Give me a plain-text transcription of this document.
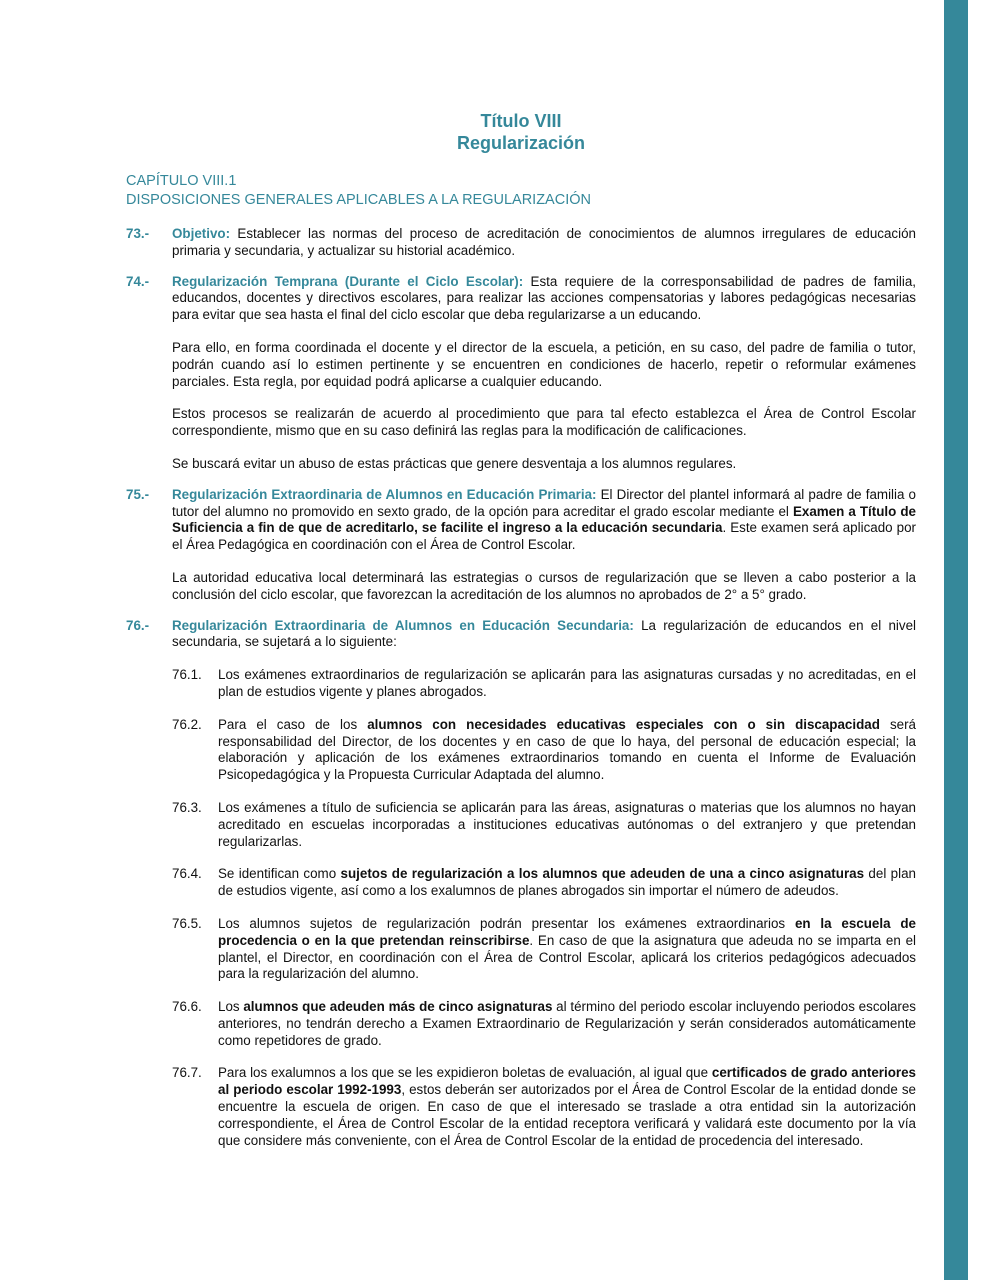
Título VIII
Regularización
CAPÍTULO VIII.1
DISPOSICIONES GENERALES APLICABLES A LA REGULARIZACIÓN
73.-	Objetivo: Establecer las normas del proceso de acreditación de conocimientos de alumnos irregulares de educación primaria y secundaria, y actualizar su historial académico.

74.-	Regularización Temprana (Durante el Ciclo Escolar): Esta requiere de la corresponsabilidad de padres de familia, educandos, docentes y directivos escolares, para realizar las acciones compensatorias y labores pedagógicas necesarias para evitar que sea hasta el final del ciclo escolar que deba regularizarse a un educando.

Para ello, en forma coordinada el docente y el director de la escuela, a petición, en su caso, del padre de familia o tutor, podrán cuando así lo estimen pertinente y se encuentren en condiciones de hacerlo, repetir o reformular exámenes parciales. Esta regla, por equidad podrá aplicarse a cualquier educando.

Estos procesos se realizarán de acuerdo al procedimiento que para tal efecto establezca el Área de Control Escolar correspondiente, mismo que en su caso definirá las reglas para la modificación de calificaciones.

Se buscará evitar un abuso de estas prácticas que genere desventaja a los alumnos regulares.

75.-	Regularización Extraordinaria de Alumnos en Educación Primaria: El Director del plantel informará al padre de familia o tutor del alumno no promovido en sexto grado, de la opción para acreditar el grado escolar mediante el Examen a Título de Suficiencia a fin de que de acreditarlo, se facilite el ingreso a la educación secundaria. Este examen será aplicado por el Área Pedagógica en coordinación con el Área de Control Escolar.

La autoridad educativa local determinará las estrategias o cursos de regularización que se lleven a cabo posterior a la conclusión del ciclo escolar, que favorezcan la acreditación de los alumnos no aprobados de 2° a 5° grado.

76.-	Regularización Extraordinaria de Alumnos en Educación Secundaria: La regularización de educandos en el nivel secundaria, se sujetará a lo siguiente:

76.1.	Los exámenes extraordinarios de regularización se aplicarán para las asignaturas cursadas y no acreditadas, en el plan de estudios vigente y planes abrogados.
76.2.	Para el caso de los alumnos con necesidades educativas especiales con o sin discapacidad será responsabilidad del Director, de los docentes y en caso de que lo haya, del personal de educación especial; la elaboración y aplicación de los exámenes extraordinarios tomando en cuenta el Informe de Evaluación Psicopedagógica y la Propuesta Curricular Adaptada del alumno.
76.3.	Los exámenes a título de suficiencia se aplicarán para las áreas, asignaturas o materias que los alumnos no hayan acreditado en escuelas incorporadas a instituciones educativas autónomas o del extranjero y que pretendan regularizarlas.
76.4.	Se identifican como sujetos de regularización a los alumnos que adeuden de una a cinco asignaturas del plan de estudios vigente, así como a los exalumnos de planes abrogados sin importar el número de adeudos.
76.5.	Los alumnos sujetos de regularización podrán presentar los exámenes extraordinarios en la escuela de procedencia o en la que pretendan reinscribirse. En caso de que la asignatura que adeuda no se imparta en el plantel, el Director, en coordinación con el Área de Control Escolar, aplicará los criterios pedagógicos adecuados para la regularización del alumno.
76.6.	Los alumnos que adeuden más de cinco asignaturas al término del periodo escolar incluyendo periodos escolares anteriores, no tendrán derecho a Examen Extraordinario de Regularización y serán considerados automáticamente como repetidores de grado.
76.7.	Para los exalumnos a los que se les expidieron boletas de evaluación, al igual que certificados de grado anteriores al periodo escolar 1992-1993, estos deberán ser autorizados por el Área de Control Escolar de la entidad donde se encuentre la escuela de origen. En caso de que el interesado se traslade a otra entidad sin la autorización correspondiente, el Área de Control Escolar de la entidad receptora verificará y validará este documento por la vía que considere más conveniente, con el Área de Control Escolar de la entidad de procedencia del interesado.
